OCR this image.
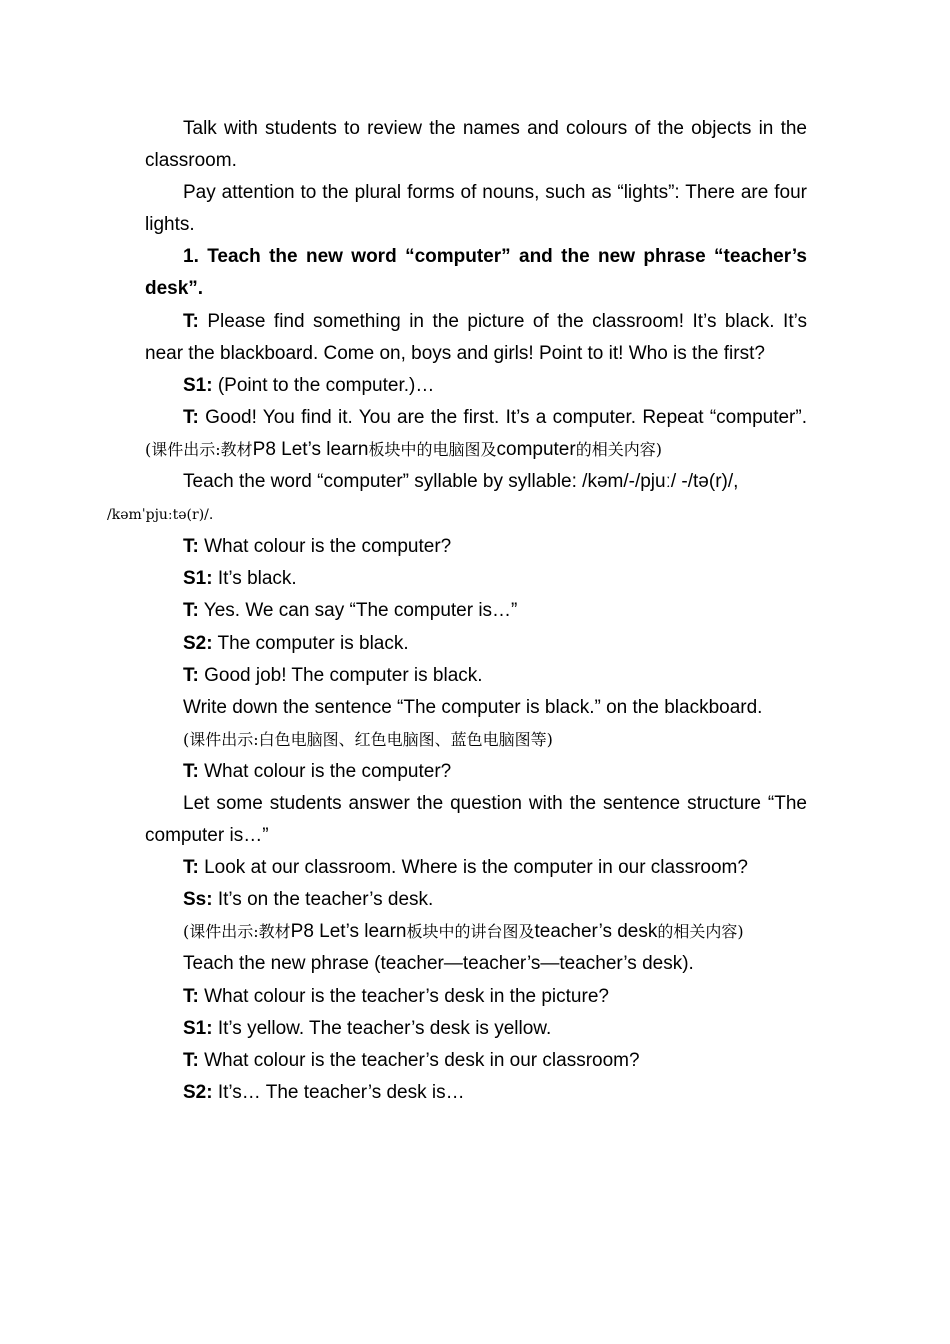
Talk with students to review the names and colours of the objects in the classroom.

Pay attention to the plural forms of nouns, such as “lights”: There are four lights.

1. Teach the new word “computer” and the new phrase “teacher’s desk”.

T: Please find something in the picture of the classroom! It’s black. It’s near the blackboard. Come on, boys and girls! Point to it! Who is the first?

S1: (Point to the computer.)…

T: Good! You find it. You are the first. It’s a computer. Repeat “computer”. (课件出示:教材P8 Let’s learn板块中的电脑图及computer的相关内容)

Teach the word “computer” syllable by syllable: /kəm/-/pjuː/ -/tə(r)/,
/kəmˈpjuːtə(r)/.

T: What colour is the computer?

S1: It’s black.

T: Yes. We can say “The computer is…”

S2: The computer is black.

T: Good job! The computer is black.

Write down the sentence “The computer is black.” on the blackboard.

(课件出示:白色电脑图、红色电脑图、蓝色电脑图等)

T: What colour is the computer?

Let some students answer the question with the sentence structure “The computer is…”

T: Look at our classroom. Where is the computer in our classroom?

Ss: It’s on the teacher’s desk.

(课件出示:教材P8 Let’s learn板块中的讲台图及teacher’s desk的相关内容)

Teach the new phrase (teacher—teacher’s—teacher’s desk).

T: What colour is the teacher’s desk in the picture?

S1: It’s yellow. The teacher’s desk is yellow.

T: What colour is the teacher’s desk in our classroom?

S2: It’s… The teacher’s desk is…
